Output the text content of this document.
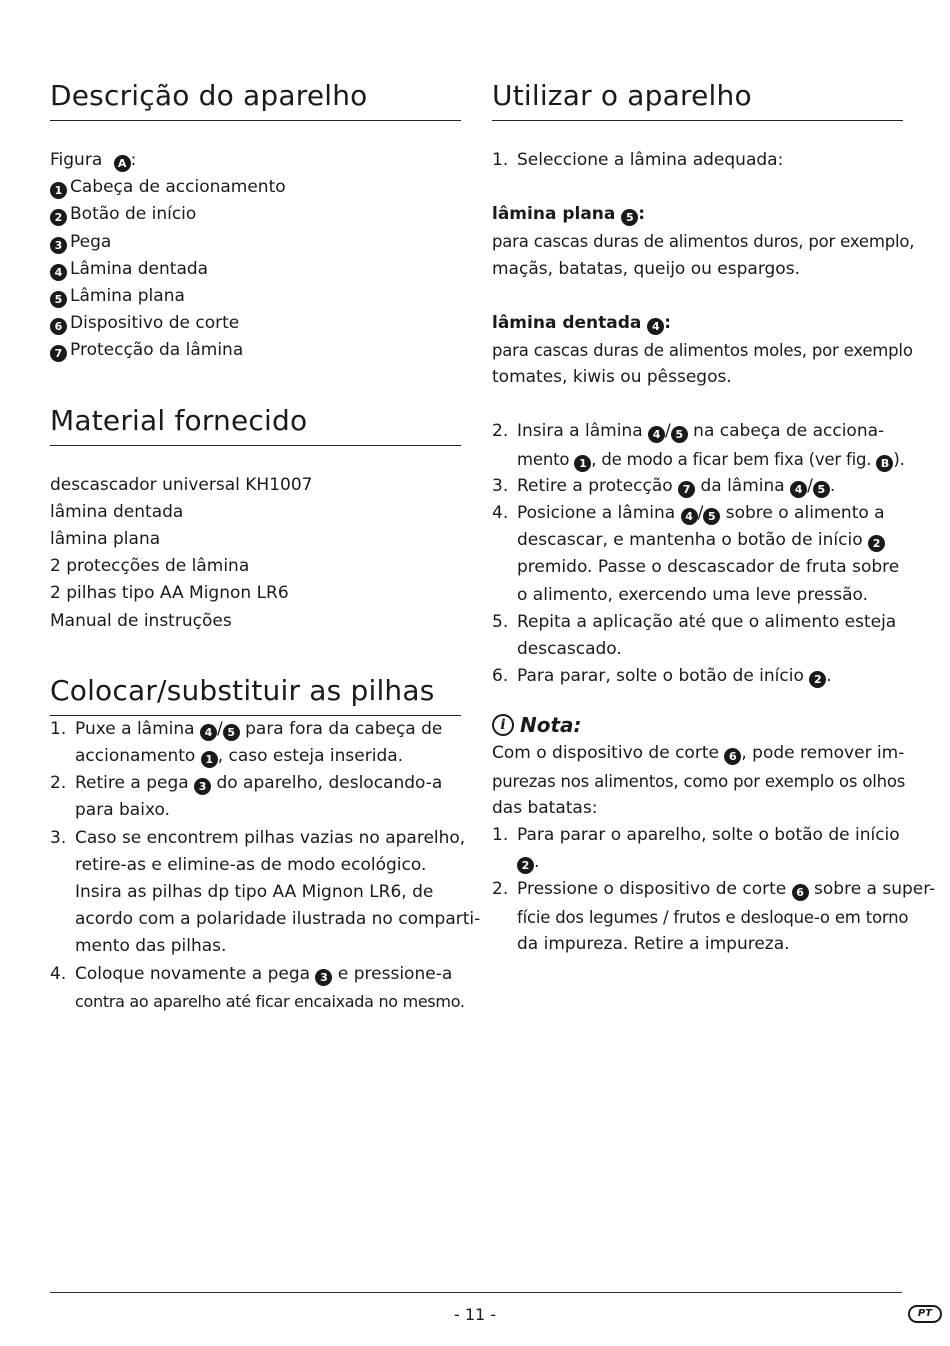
Descrição do aparelho
Figura A :
1 Cabeça de accionamento
2 Botão de início
3 Pega
4 Lâmina dentada
5 Lâmina plana
6 Dispositivo de corte
7 Protecção da lâmina
Material fornecido
descascador universal KH1007
lâmina dentada
lâmina plana
2 protecções de lâmina
2 pilhas tipo AA Mignon LR6
Manual de instruções
Colocar/substituir as pilhas
1. Puxe a lâmina 4 / 5 para fora da cabeça de
accionamento 1 , caso esteja inserida.
2. Retire a pega 3 do aparelho, deslocando-a
para baixo.
3. Caso se encontrem pilhas vazias no aparelho,
retire-as e elimine-as de modo ecológico.
Insira as pilhas dp tipo AA Mignon LR6, de
acordo com a polaridade ilustrada no comparti-
mento das pilhas.
4. Coloque novamente a pega 3 e pressione-a
contra ao aparelho até ficar encaixada no mesmo.
Utilizar o aparelho
1. Seleccione a lâmina adequada:
lâmina plana 5 :
para cascas duras de alimentos duros, por exemplo,
maçãs, batatas, queijo ou espargos.
lâmina dentada 4 :
para cascas duras de alimentos moles, por exemplo
tomates, kiwis ou pêssegos.
2. Insira a lâmina 4 / 5 na cabeça de acciona-
mento 1 , de modo a ficar bem fixa (ver fig. B ).
3. Retire a protecção 7 da lâmina 4 / 5 .
4. Posicione a lâmina 4 / 5 sobre o alimento a
descascar, e mantenha o botão de início 2
premido. Passe o descascador de fruta sobre
o alimento, exercendo uma leve pressão.
5. Repita a aplicação até que o alimento esteja
descascado.
6. Para parar, solte o botão de início 2 .
i Nota:
Com o dispositivo de corte 6 , pode remover im-
purezas nos alimentos, como por exemplo os olhos
das batatas:
1. Para parar o aparelho, solte o botão de início
2 .
2. Pressione o dispositivo de corte 6 sobre a super-
fície dos legumes / frutos e desloque-o em torno
da impureza. Retire a impureza.
- 11 -	PT
